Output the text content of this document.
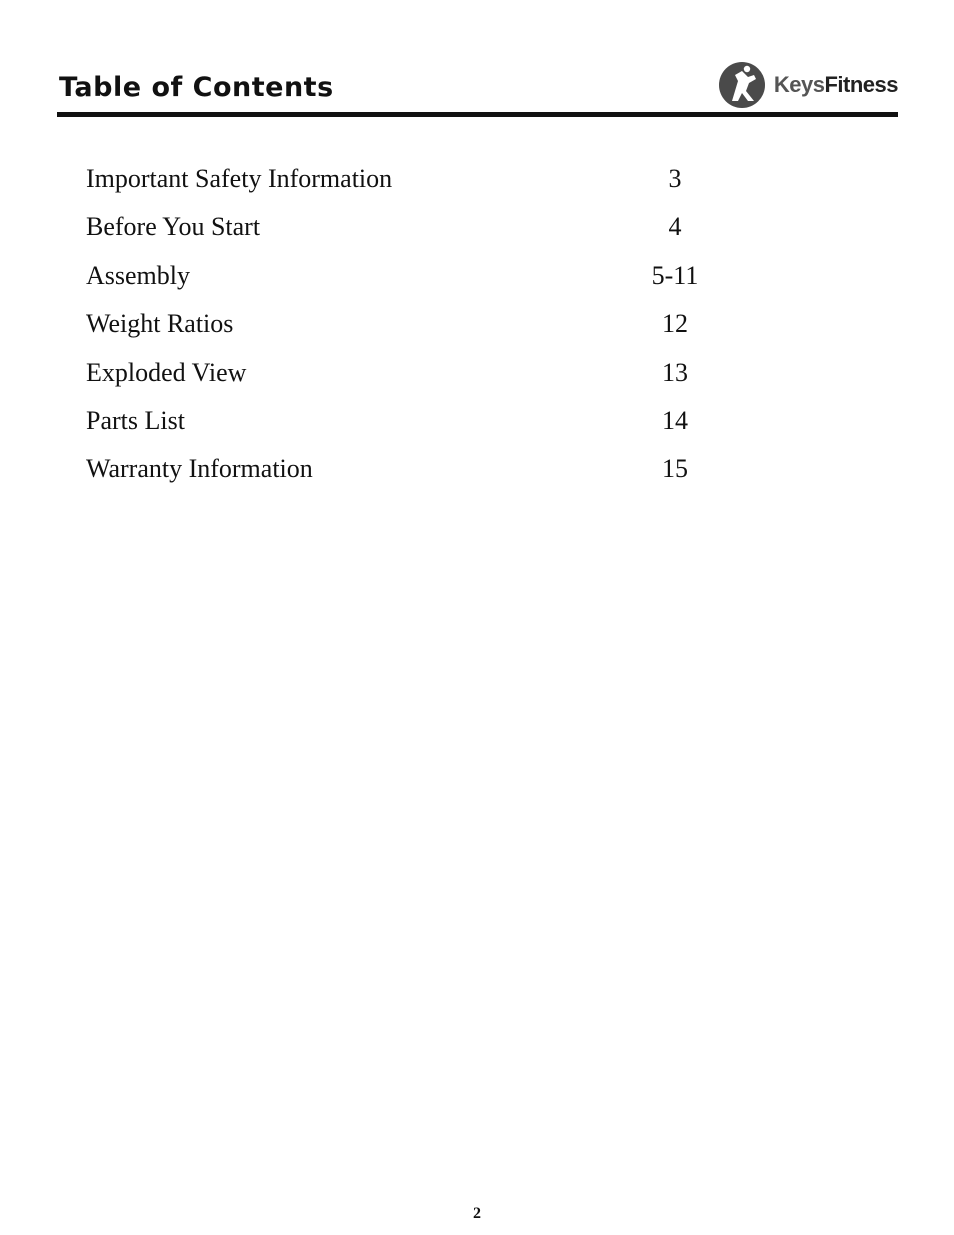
Table of Contents	KeysFitness
Important Safety Information	3
Before You Start	4
Assembly	5-11
Weight Ratios	12
Exploded View	13
Parts List	14
Warranty Information	15
2
